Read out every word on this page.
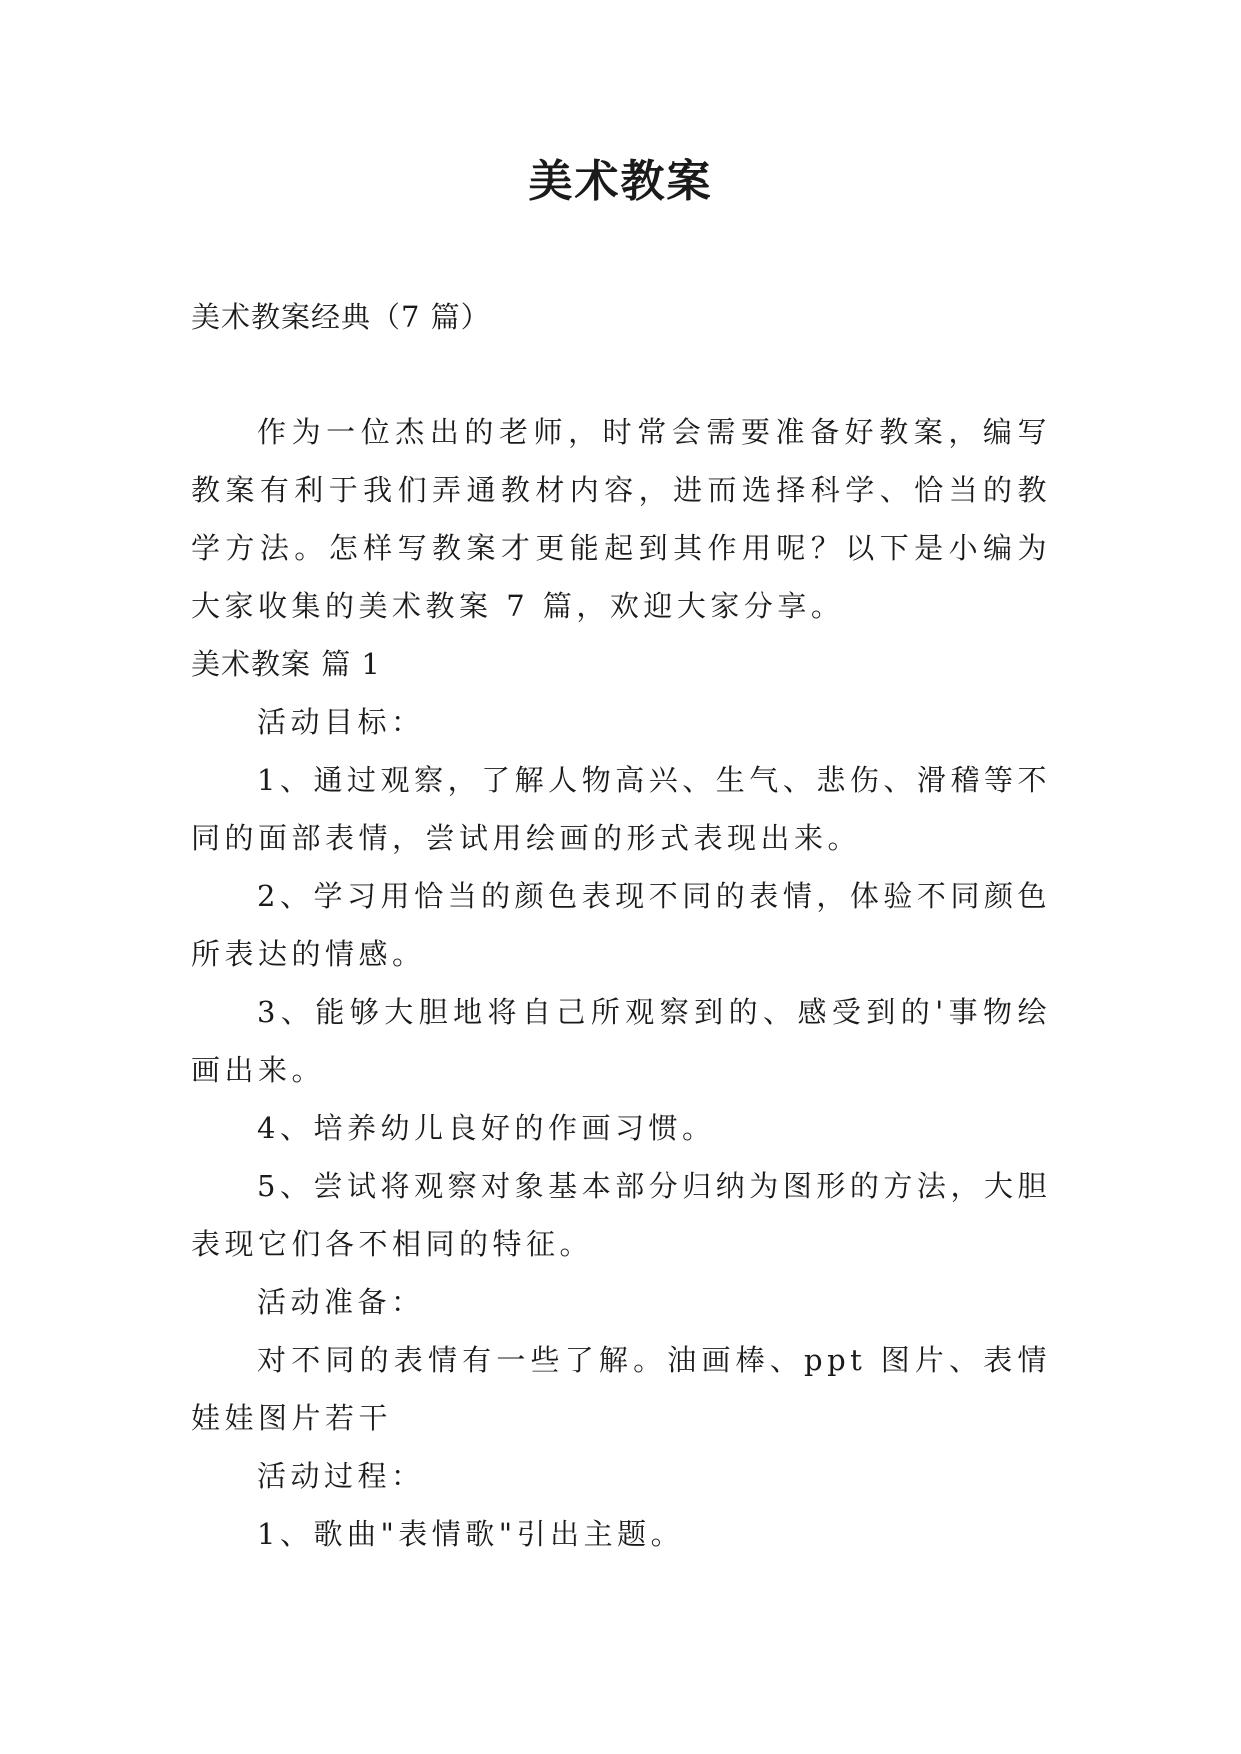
美术教案

美术教案经典（7 篇）

作为一位杰出的老师，时常会需要准备好教案，编写教案有利于我们弄通教材内容，进而选择科学、恰当的教学方法。怎样写教案才更能起到其作用呢？以下是小编为大家收集的美术教案 7 篇，欢迎大家分享。

美术教案 篇 1

活动目标：

1、通过观察，了解人物高兴、生气、悲伤、滑稽等不同的面部表情，尝试用绘画的形式表现出来。

2、学习用恰当的颜色表现不同的表情，体验不同颜色所表达的情感。

3、能够大胆地将自己所观察到的、感受到的'事物绘画出来。

4、培养幼儿良好的作画习惯。

5、尝试将观察对象基本部分归纳为图形的方法，大胆表现它们各不相同的特征。

活动准备：

对不同的表情有一些了解。油画棒、ppt 图片、表情娃娃图片若干

活动过程：

1、歌曲"表情歌"引出主题。
